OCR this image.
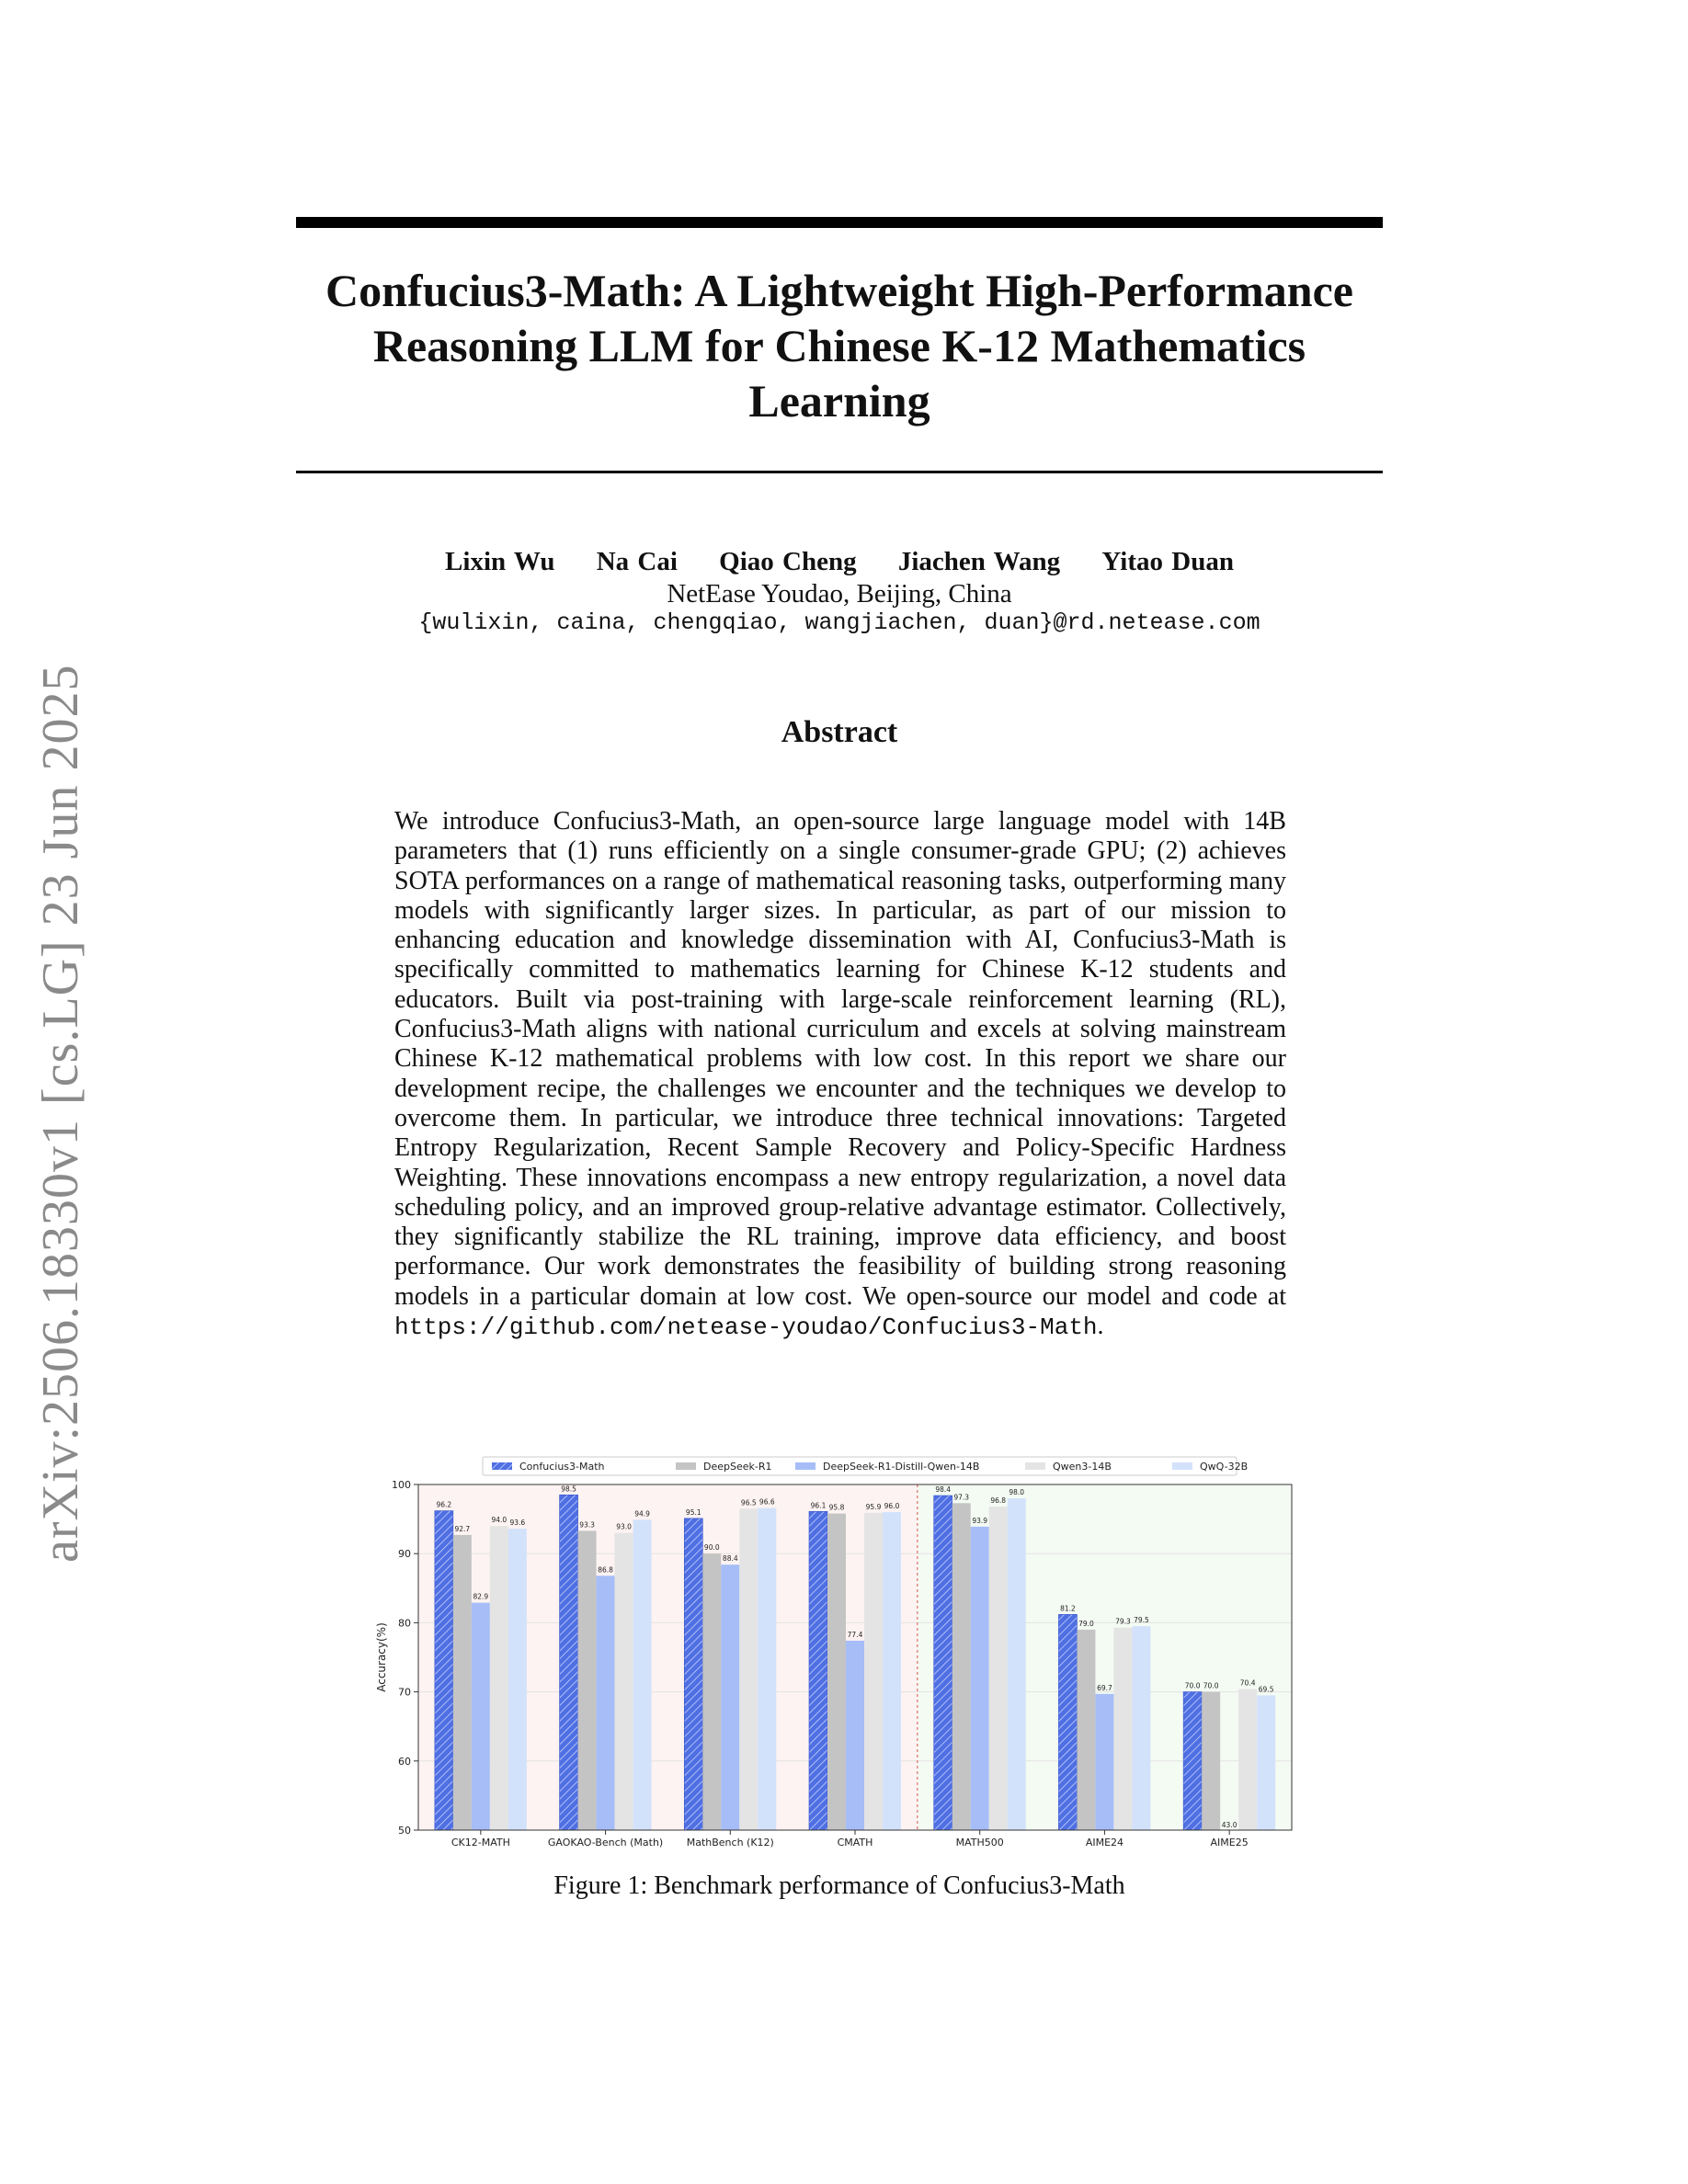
arXiv:2506.18330v1 [cs.LG] 23 Jun 2025
Confucius3-Math: A Lightweight High-Performance Reasoning LLM for Chinese K-12 Mathematics Learning
Lixin Wu Na Cai Qiao Cheng Jiachen Wang Yitao Duan
NetEase Youdao, Beijing, China
{wulixin, caina, chengqiao, wangjiachen, duan}@rd.netease.com
Abstract

We introduce Confucius3-Math, an open-source large language model with 14B parameters that (1) runs efficiently on a single consumer-grade GPU; (2) achieves SOTA performances on a range of mathematical reasoning tasks, outperforming many models with significantly larger sizes. In particular, as part of our mission to enhancing education and knowledge dissemination with AI, Confucius3-Math is specifically committed to mathematics learning for Chinese K-12 students and educators. Built via post-training with large-scale reinforcement learning (RL), Confucius3-Math aligns with national curriculum and excels at solving mainstream Chinese K-12 mathematical problems with low cost. In this report we share our development recipe, the challenges we encounter and the techniques we develop to overcome them. In particular, we introduce three technical innovations: Targeted Entropy Regularization, Recent Sample Recovery and Policy-Specific Hardness Weighting. These innovations encompass a new entropy regularization, a novel data scheduling policy, and an improved group-relative advantage estimator. Collectively, they significantly stabilize the RL training, improve data efficiency, and boost performance. Our work demonstrates the feasibility of building strong reasoning models in a particular domain at low cost. We open-source our model and code at https://github.com/netease-youdao/Confucius3-Math.

50
60
70
80
90
100
96.2
98.5
95.1
96.1
98.4
81.2
70.0
92.7
93.3
90.0
95.8
97.3
79.0
70.0
82.9
86.8
88.4
77.4
93.9
69.7
43.0
94.0
93.0
96.5
95.9
96.8
79.3
70.4
93.6
94.9
96.6
96.0
98.0
79.5
69.5
CK12-MATH	GAOKAO-Bench (Math) MathBench (K12)	CMATH	MATH500	AIME24	AIME25
Accuracy(%)
Confucius3-Math	DeepSeek-R1	DeepSeek-R1-Distill-Qwen-14B	Qwen3-14B	QwQ-32B
Figure 1: Benchmark performance of Confucius3-Math
